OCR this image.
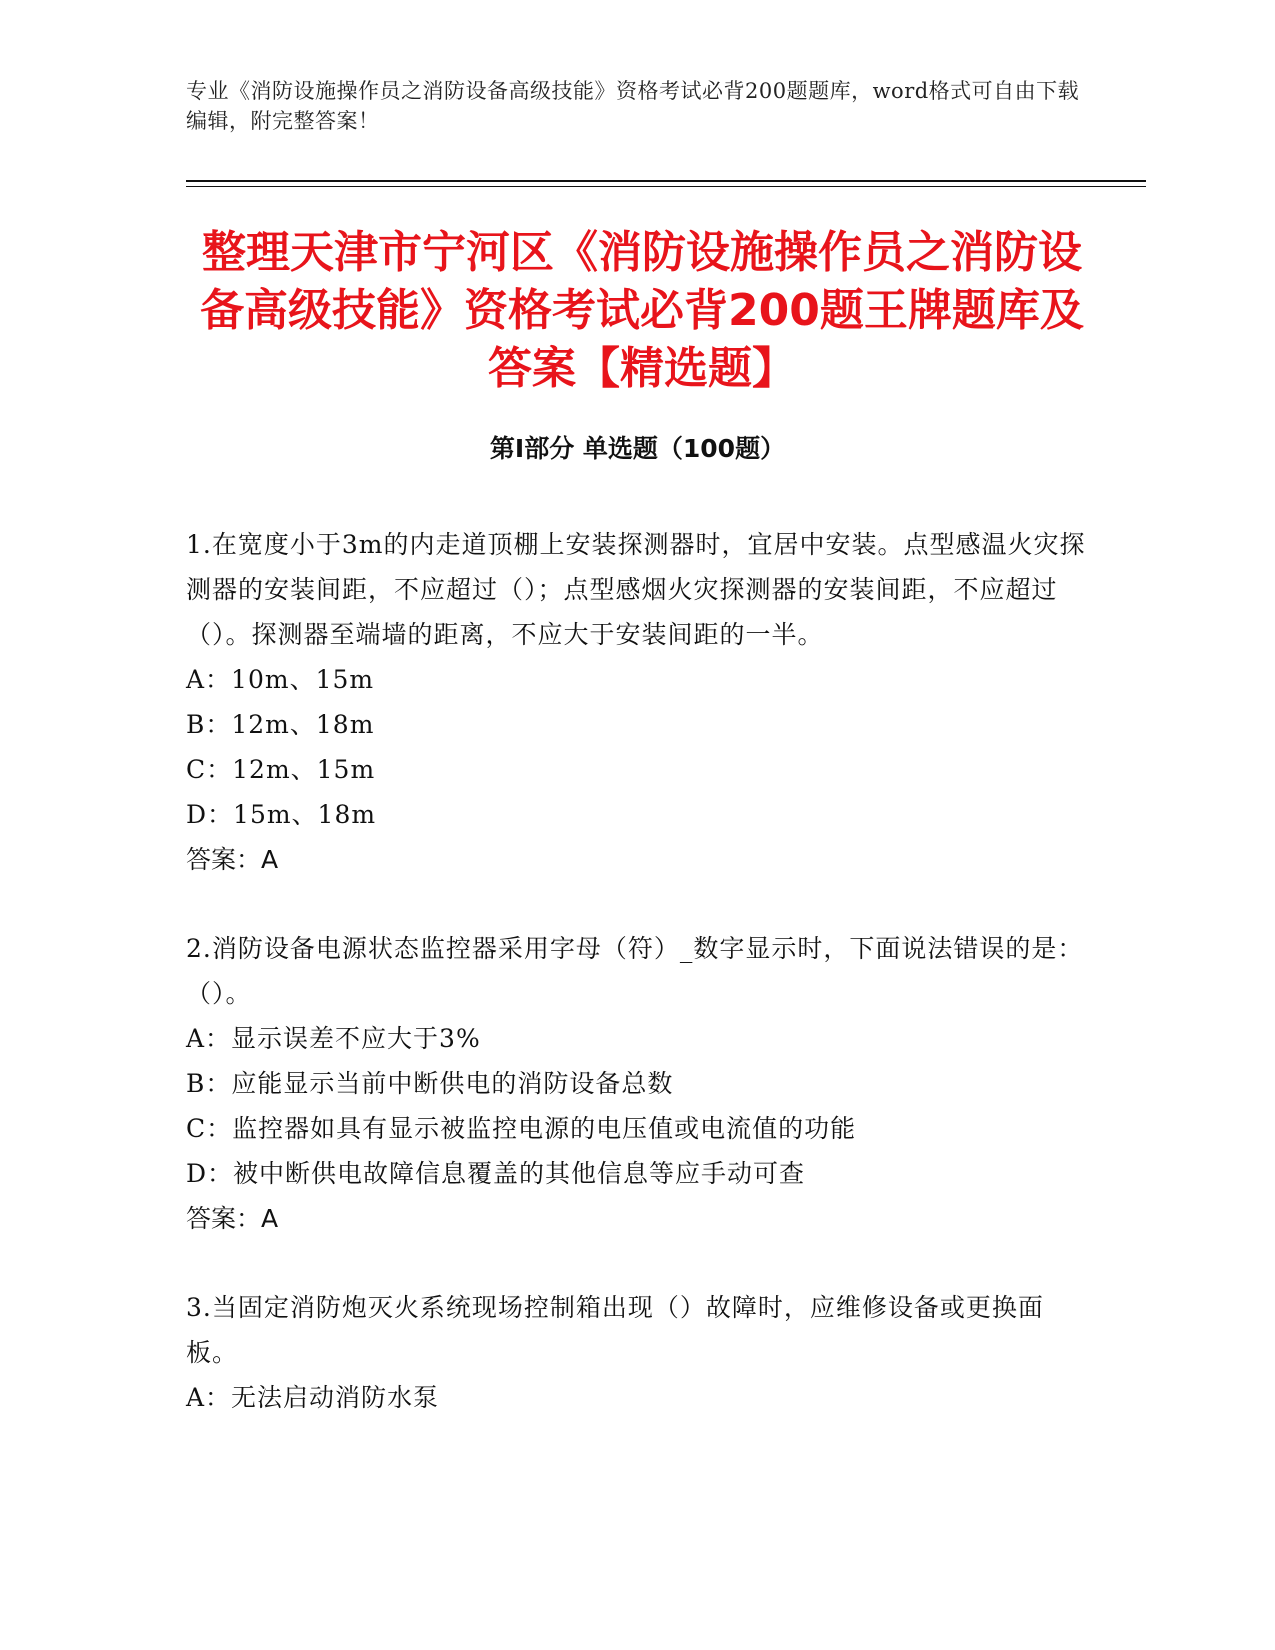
专业《消防设施操作员之消防设备高级技能》资格考试必背200题题库，word格式可自由下载编辑，附完整答案！

整理天津市宁河区《消防设施操作员之消防设备高级技能》资格考试必背200题王牌题库及答案【精选题】
第Ⅰ部分 单选题（100题）

1.在宽度小于3m的内走道顶棚上安装探测器时，宜居中安装。点型感温火灾探测器的安装间距，不应超过（）；点型感烟火灾探测器的安装间距，不应超过（）。探测器至端墙的距离，不应大于安装间距的一半。

A：10m、15m

B：12m、18m

C：12m、15m

D：15m、18m

答案：A

2.消防设备电源状态监控器采用字母（符）_数字显示时，下面说法错误的是：（）。

A：显示误差不应大于3%

B：应能显示当前中断供电的消防设备总数

C：监控器如具有显示被监控电源的电压值或电流值的功能

D：被中断供电故障信息覆盖的其他信息等应手动可查

答案：A

3.当固定消防炮灭火系统现场控制箱出现（）故障时，应维修设备或更换面板。

A：无法启动消防水泵
